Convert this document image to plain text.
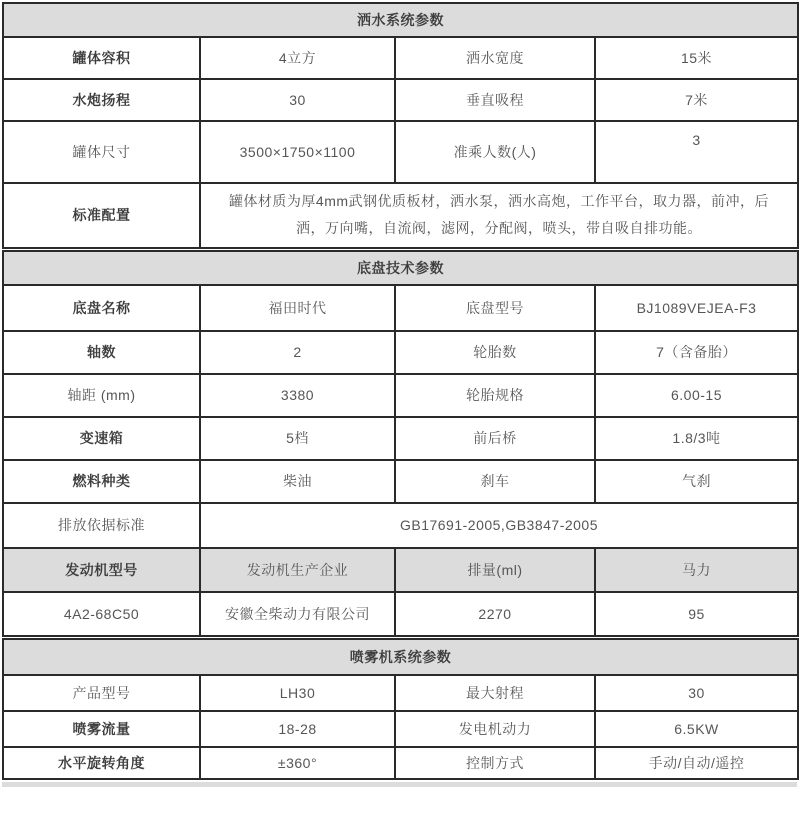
洒水系统参数			
罐体容积	4立方	洒水宽度	15米
水炮扬程	30	垂直吸程	7米
罐体尺寸	3500×1750×1100	准乘人数(人)	3
标准配置	罐体材质为厚4mm武钢优质板材，洒水泵，洒水高炮，工作平台，取力器，前冲，后洒，万向嘴，自流阀，滤网，分配阀，喷头，带自吸自排功能。		
底盘技术参数			
底盘名称	福田时代	底盘型号	BJ1089VEJEA-F3
轴数	2	轮胎数	7（含备胎）
轴距 (mm)	3380	轮胎规格	6.00-15
变速箱	5档	前后桥	1.8/3吨
燃料种类	柴油	刹车	气刹
排放依据标准	GB17691-2005,GB3847-2005		
发动机型号	发动机生产企业	排量(ml)	马力
4A2-68C50	安徽全柴动力有限公司	2270	95
喷雾机系统参数			
产品型号	LH30	最大射程	30
喷雾流量	18-28	发电机动力	6.5KW
水平旋转角度	±360°	控制方式	手动/自动/遥控
